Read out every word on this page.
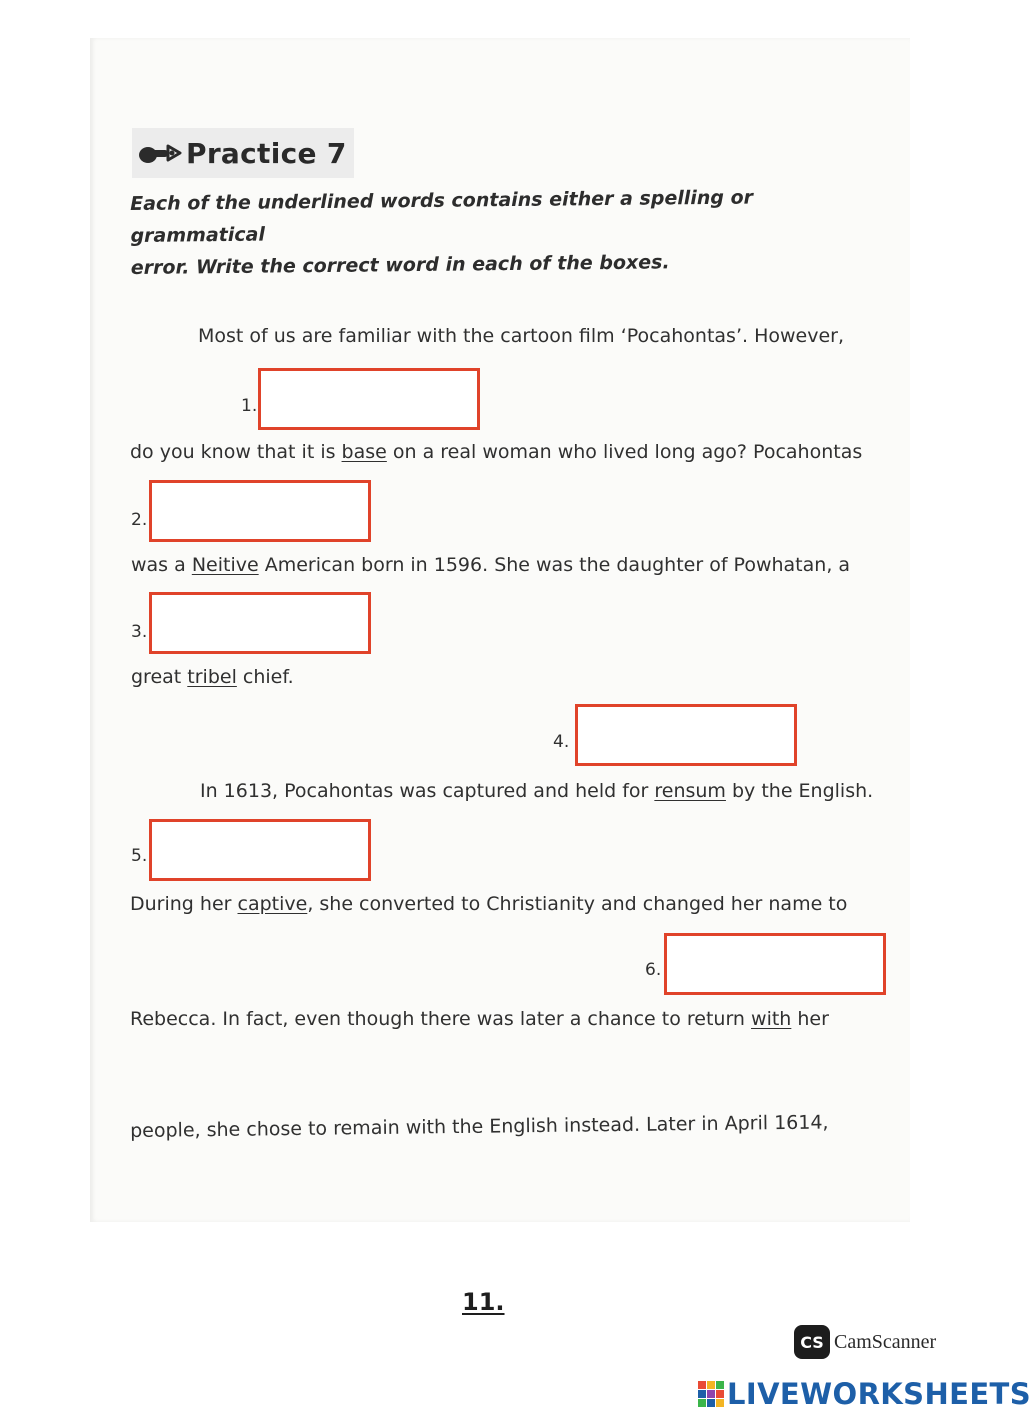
Practice 7
Each of the underlined words contains either a spelling or grammatical
error. Write the correct word in each of the boxes.
Most of us are familiar with the cartoon film ‘Pocahontas’. However,
1.
do you know that it is base on a real woman who lived long ago? Pocahontas
2.
was a Neitive American born in 1596. She was the daughter of Powhatan, a
3.
great tribel chief.
4.
In 1613, Pocahontas was captured and held for rensum by the English.
5.
During her captive, she converted to Christianity and changed her name to
6.
Rebecca. In fact, even though there was later a chance to return with her
people, she chose to remain with the English instead. Later in April 1614,
11.
CS CamScanner
LIVEWORKSHEETS
